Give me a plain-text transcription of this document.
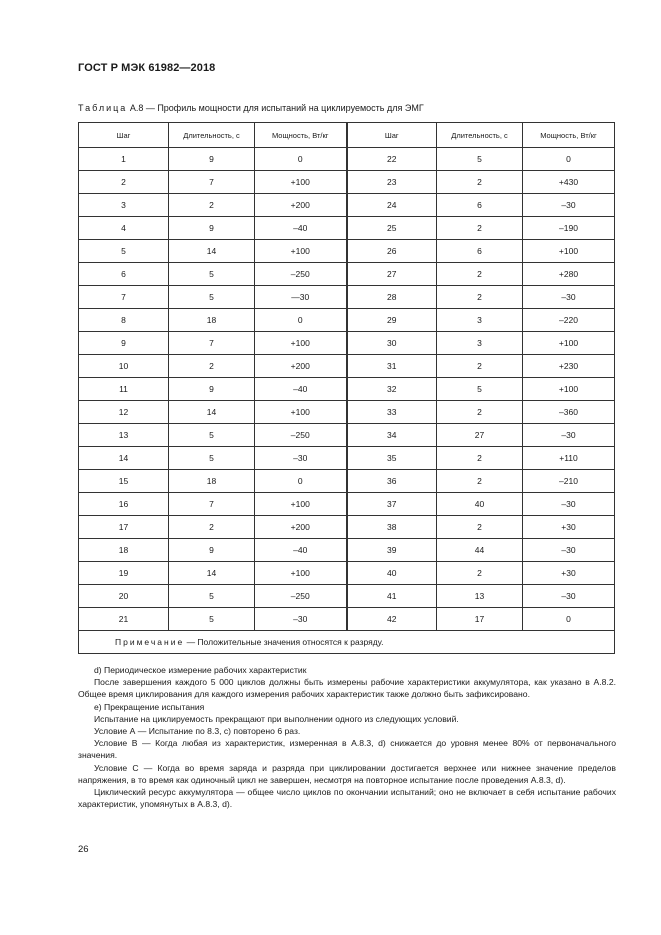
ГОСТ Р МЭК 61982—2018
Таблица А.8 — Профиль мощности для испытаний на циклируемость для ЭМГ
Шаг	Длительность, с	Мощность, Вт/кг	Шаг	Длительность, с	Мощность, Вт/кг
1	9	0	22	5	0
2	7	+100	23	2	+430
3	2	+200	24	6	–30
4	9	–40	25	2	–190
5	14	+100	26	6	+100
6	5	–250	27	2	+280
7	5	—30	28	2	–30
8	18	0	29	3	–220
9	7	+100	30	3	+100
10	2	+200	31	2	+230
11	9	–40	32	5	+100
12	14	+100	33	2	–360
13	5	–250	34	27	–30
14	5	–30	35	2	+110
15	18	0	36	2	–210
16	7	+100	37	40	–30
17	2	+200	38	2	+30
18	9	–40	39	44	–30
19	14	+100	40	2	+30
20	5	–250	41	13	–30
21	5	–30	42	17	0
Примечание — Положительные значения относятся к разряду.					

d) Периодическое измерение рабочих характеристик

После завершения каждого 5 000 циклов должны быть измерены рабочие характеристики аккумулятора, как указано в А.8.2. Общее время циклирования для каждого измерения рабочих характеристик также должно быть зафиксировано.

е) Прекращение испытания

Испытание на циклируемость прекращают при выполнении одного из следующих условий.

Условие А — Испытание по 8.3, с) повторено 6 раз.

Условие В — Когда любая из характеристик, измеренная в А.8.3, d) снижается до уровня менее 80% от первоначального значения.

Условие С — Когда во время заряда и разряда при циклировании достигается верхнее или нижнее значение пределов напряжения, в то время как одиночный цикл не завершен, несмотря на повторное испытание после проведения А.8.3, d).

Циклический ресурс аккумулятора — общее число циклов по окончании испытаний; оно не включает в себя испытание рабочих характеристик, упомянутых в А.8.3, d).

26
